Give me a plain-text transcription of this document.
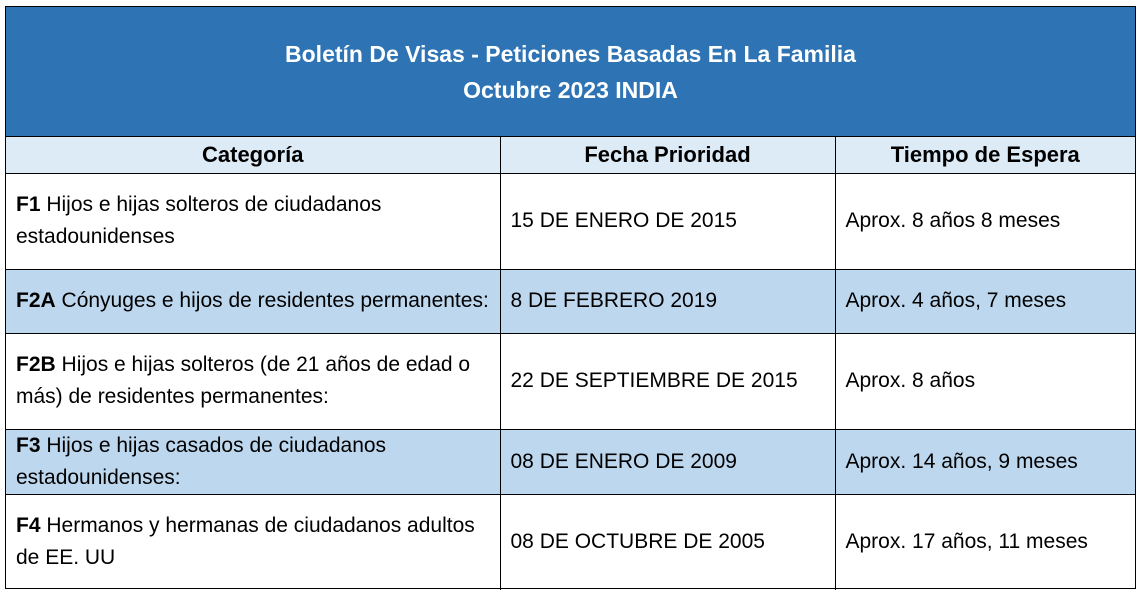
Boletín De Visas - Peticiones Basadas En La Familia
Octubre 2023 INDIA
Categoría	Fecha Prioridad	Tiempo de Espera
F1 Hijos e hijas solteros de ciudadanos estadounidenses	15 DE ENERO DE 2015	Aprox. 8 años 8 meses
F2A Cónyuges e hijos de residentes permanentes:	8 DE FEBRERO 2019	Aprox. 4 años, 7 meses
F2B Hijos e hijas solteros (de 21 años de edad o más) de residentes permanentes:	22 DE SEPTIEMBRE DE 2015	Aprox. 8 años
F3 Hijos e hijas casados de ciudadanos estadounidenses:	08 DE ENERO DE 2009	Aprox. 14 años, 9 meses
F4 Hermanos y hermanas de ciudadanos adultos de EE. UU	08 DE OCTUBRE DE 2005	Aprox. 17 años, 11 meses
